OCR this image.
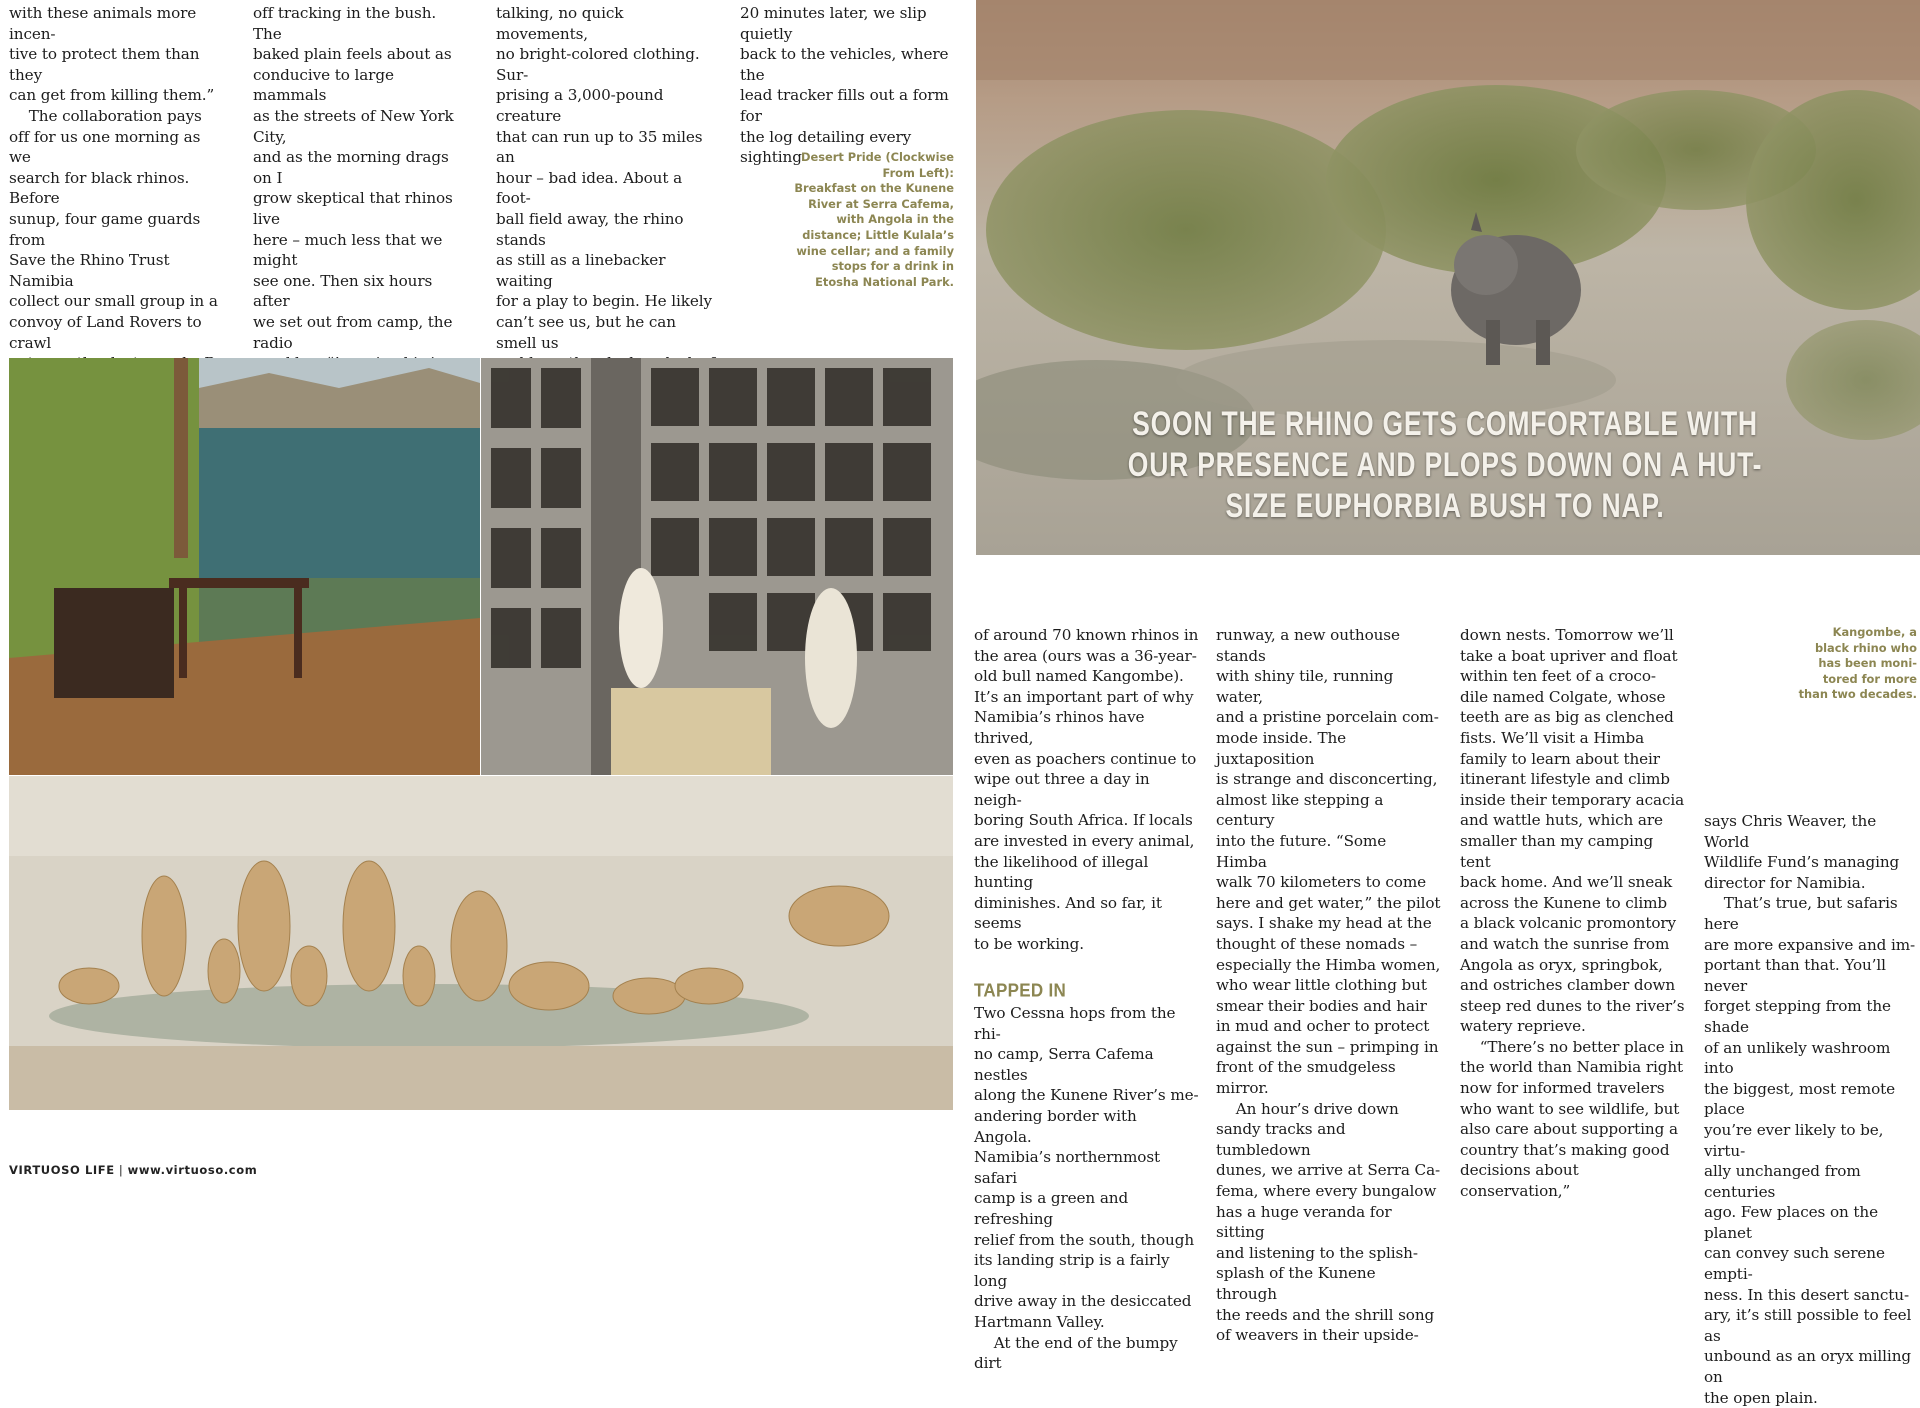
with these animals more incen-
tive to protect them than they
can get from killing them.”

The collaboration pays
off for us one morning as we
search for black rhinos. Before
sunup, four game guards from
Save the Rhino Trust Namibia
collect our small group in a
convoy of Land Rovers to crawl

off tracking in the bush. The
baked plain feels about as
conducive to large mammals
as the streets of New York City,
and as the morning drags on I
grow skeptical that rhinos live
here – much less that we might
see one. Then six hours after
we set out from camp, the radio

talking, no quick movements,
no bright-colored clothing. Sur-
prising a 3,000-pound creature
that can run up to 35 miles an
hour – bad idea. About a foot-
ball field away, the rhino stands
as still as a linebacker waiting
for a play to begin. He likely
can’t see us, but he can smell us

20 minutes later, we slip quietly
back to the vehicles, where the
lead tracker fills out a form for
the log detailing every sighting Desert Pride (Clockwise
From Left):
Breakfast on the Kunene
River at Serra Cafema,
with Angola in the
distance; Little Kulala’s
wine cellar; and a family
stops for a drink in
Etosha National Park.
SOON THE RHINO GETS COMFORTABLE WITH OUR PRESENCE AND PLOPS DOWN ON A HUT-SIZE EUPHORBIA BUSH TO NAP.

of around 70 known rhinos in
the area (ours was a 36-year-
old bull named Kangombe).
It’s an important part of why
Namibia’s rhinos have thrived,
even as poachers continue to
wipe out three a day in neigh-
boring South Africa. If locals
are invested in every animal,
the likelihood of illegal hunting
diminishes. And so far, it seems
to be working.

TAPPED IN

Two Cessna hops from the rhi-
no camp, Serra Cafema nestles
along the Kunene River’s me-
andering border with Angola.
Namibia’s northernmost safari
camp is a green and refreshing
relief from the south, though
its landing strip is a fairly long
drive away in the desiccated
Hartmann Valley.

At the end of the bumpy dirt

runway, a new outhouse stands
with shiny tile, running water,
and a pristine porcelain com-
mode inside. The juxtaposition
is strange and disconcerting,
almost like stepping a century
into the future. “Some Himba
walk 70 kilometers to come
here and get water,” the pilot
says. I shake my head at the
thought of these nomads –
especially the Himba women,
who wear little clothing but
smear their bodies and hair
in mud and ocher to protect
against the sun – primping in
front of the smudgeless mirror.

An hour’s drive down
sandy tracks and tumbledown
dunes, we arrive at Serra Ca-
fema, where every bungalow
has a huge veranda for sitting
and listening to the splish-
splash of the Kunene through
the reeds and the shrill song
of weavers in their upside-

down nests. Tomorrow we’ll
take a boat upriver and float
within ten feet of a croco-
dile named Colgate, whose
teeth are as big as clenched
fists. We’ll visit a Himba
family to learn about their
itinerant lifestyle and climb
inside their temporary acacia
and wattle huts, which are
smaller than my camping tent
back home. And we’ll sneak
across the Kunene to climb
a black volcanic promontory
and watch the sunrise from
Angola as oryx, springbok,
and ostriches clamber down
steep red dunes to the river’s
watery reprieve.

“There’s no better place in
the world than Namibia right
now for informed travelers
who want to see wildlife, but
also care about supporting a
country that’s making good
decisions about conservation,”

Kangombe, a
black rhino who
has been moni-
tored for more
than two decades.

says Chris Weaver, the World
Wildlife Fund’s managing
director for Namibia.

That’s true, but safaris here
are more expansive and im-
portant than that. You’ll never
forget stepping from the shade
of an unlikely washroom into
the biggest, most remote place
you’re ever likely to be, virtu-
ally unchanged from centuries
ago. Few places on the planet
can convey such serene empti-
ness. In this desert sanctu-
ary, it’s still possible to feel as
unbound as an oryx milling on
the open plain.

VIRTUOSO LIFE | www.virtuoso.com
